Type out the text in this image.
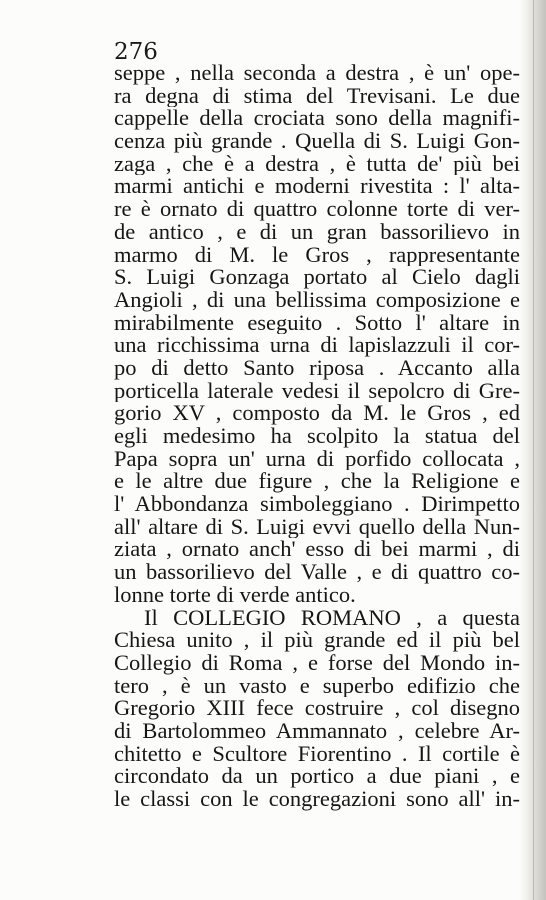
276

seppe , nella seconda a destra , è un' ope-
ra degna di stima del Trevisani. Le due
cappelle della crociata sono della magnifi-
cenza più grande . Quella di S. Luigi Gon-
zaga , che è a destra , è tutta de' più bei
marmi antichi e moderni rivestita : l' alta-
re è ornato di quattro colonne torte di ver-
de antico , e di un gran bassorilievo in
marmo di M. le Gros , rappresentante
S. Luigi Gonzaga portato al Cielo dagli
Angioli , di una bellissima composizione e
mirabilmente eseguito . Sotto l' altare in
una ricchissima urna di lapislazzuli il cor-
po di detto Santo riposa . Accanto alla
porticella laterale vedesi il sepolcro di Gre-
gorio XV , composto da M. le Gros , ed
egli medesimo ha scolpito la statua del
Papa sopra un' urna di porfido collocata ,
e le altre due figure , che la Religione e
l' Abbondanza simboleggiano . Dirimpetto
all' altare di S. Luigi evvi quello della Nun-
ziata , ornato anch' esso di bei marmi , di
un bassorilievo del Valle , e di quattro co-
lonne torte di verde antico.
Il COLLEGIO ROMANO , a questa
Chiesa unito , il più grande ed il più bel
Collegio di Roma , e forse del Mondo in-
tero , è un vasto e superbo edifizio che
Gregorio XIII fece costruire , col disegno
di Bartolommeo Ammannato , celebre Ar-
chitetto e Scultore Fiorentino . Il cortile è
circondato da un portico a due piani , e
le classi con le congregazioni sono all' in-
